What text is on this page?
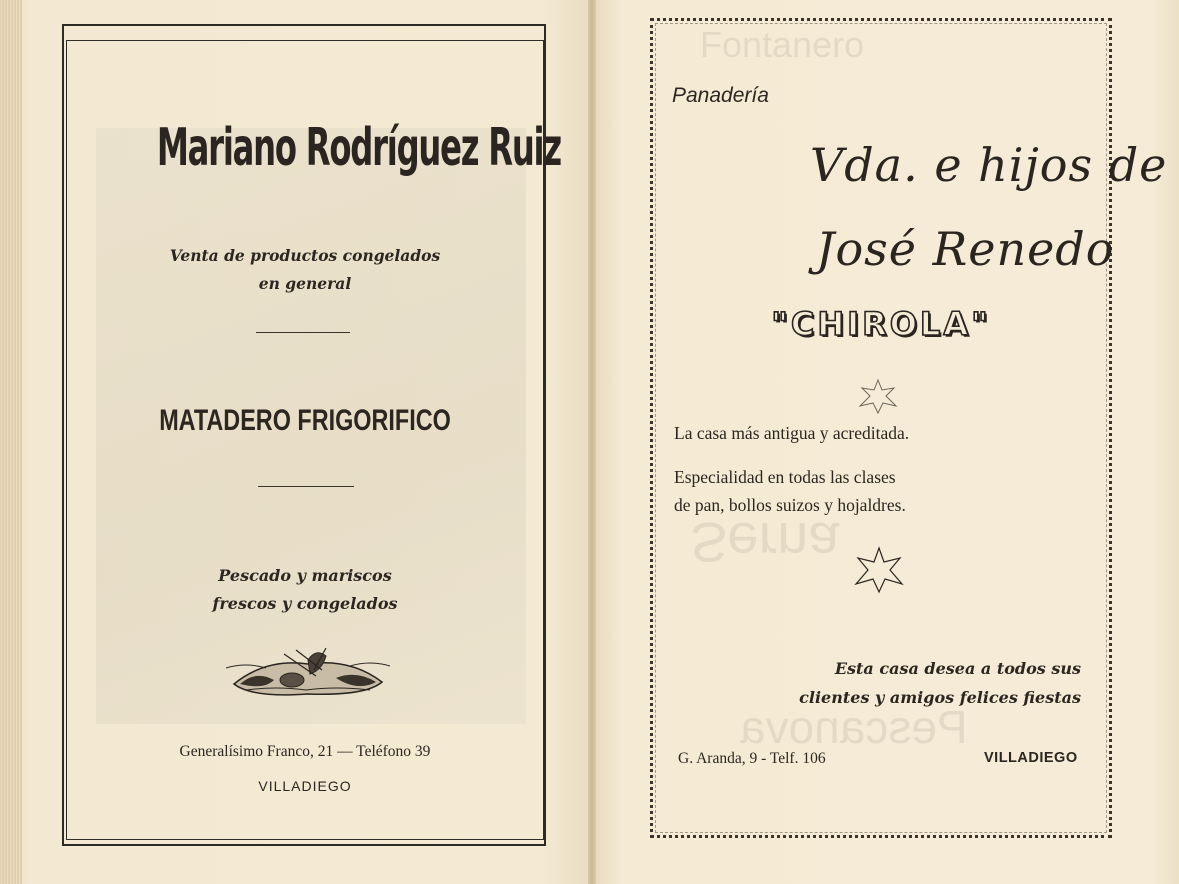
Mariano Rodríguez Ruiz
Venta de productos congelados
en general
MATADERO FRIGORIFICO
Pescado y mariscos
frescos y congelados
Generalísimo Franco, 21 — Teléfono 39
VILLADIEGO
Fontanero
Serna
Pescanova
Panadería
Vda. e hijos de
José Renedo
"CHIROLA"
La casa más antigua y acreditada.
Especialidad en todas las clases
de pan, bollos suizos y hojaldres.
Esta casa desea a todos sus
clientes y amigos felices fiestas
G. Aranda, 9 - Telf. 106	VILLADIEGO
